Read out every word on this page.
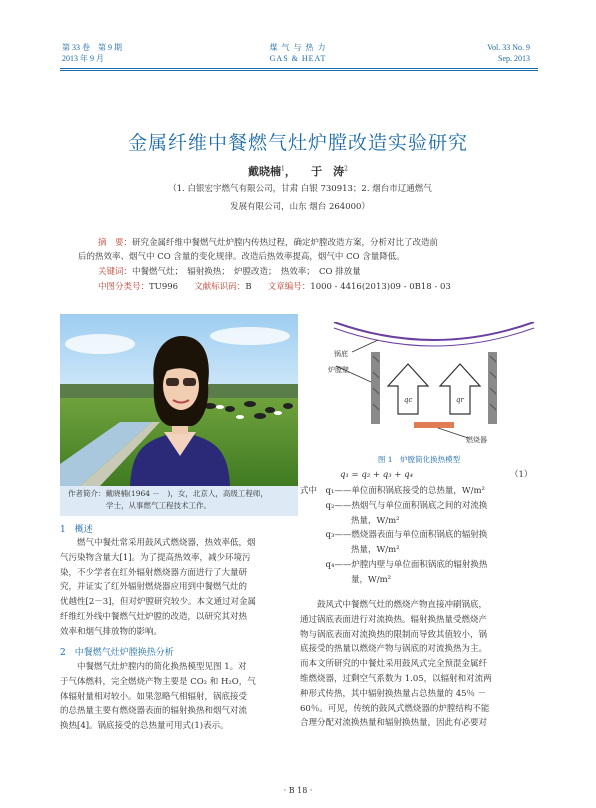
第 33 卷　第 9 期
2013 年 9 月
煤 气 与 热 力
GAS & HEAT
Vol. 33 No. 9
Sep. 2013
金属纤维中餐燃气灶炉膛改造实验研究
戴晓楠$^1$，    于　涛$^2$
（1. 白银宏宇燃气有限公司，甘肃 白银 730913；2. 烟台市辽通燃气
发展有限公司，山东 烟台 264000）
摘　要：研究金属纤维中餐燃气灶炉膛内传热过程，确定炉膛改造方案，分析对比了改造前
后的热效率、烟气中 CO 含量的变化规律。改造后热效率提高，烟气中 CO 含量降低。
关键词：中餐燃气灶；　辐射换热；　炉膛改造；　热效率；　CO 排放量
中图分类号：TU996 文献标识码：B 文章编号：1000 - 4416(2013)09 - 0B18 - 03
作者简介：戴晓楠(1964 －　)，女，北京人，高级工程师，
学士，从事燃气工程技术工作。
1　概述
燃气中餐灶常采用鼓风式燃烧器，热效率低，烟
气污染物含量大[1]。为了提高热效率，减少环境污
染，不少学者在红外辐射燃烧器方面进行了大量研
究，并证实了红外辐射燃烧器应用到中餐燃气灶的
优越性[2－3]，但对炉膛研究较少。本文通过对金属
纤维红外线中餐燃气灶炉膛的改造，以研究其对热
效率和烟气排放物的影响。
2　中餐燃气灶炉膛换热分析
中餐燃气灶炉膛内的简化换热模型见图 1。对
于气体燃料，完全燃烧产物主要是 CO₂ 和 H₂O，气
体辐射量相对较小。如果忽略气相辐射，锅底接受
的总热量主要有燃烧器表面的辐射换热和烟气对流
换热[4]。锅底接受的总热量可用式(1)表示。
qc	qr
锅底
炉膛壁
燃烧器
图 1　炉膛简化换热模型
q₁ = q₂ + q₃ + q₄	（1）
式中　q₁——单位面积锅底接受的总热量，W/m²
　　　q₂——热烟气与单位面积锅底之间的对流换
　　　　　　热量，W/m²
　　　q₃——燃烧器表面与单位面积锅底的辐射换
　　　　　　热量，W/m²
　　　q₄——炉膛内壁与单位面积锅底的辐射换热
　　　　　　量，W/m²
鼓风式中餐燃气灶的燃烧产物直接冲刷锅底，
通过锅底表面进行对流换热。辐射换热量受燃烧产
物与锅底表面对流换热的限制而导致其值较小，锅
底接受的热量以燃烧产物与锅底的对流换热为主。
而本文所研究的中餐灶采用鼓风式完全预混金属纤
维燃烧器，过剩空气系数为 1.05，以辐射和对流两
种形式传热，其中辐射换热量占总热量的 45％ －
60％。可见，传统的鼓风式燃烧器的炉膛结构不能
合理分配对流换热量和辐射换热量，因此有必要对
· B 18 ·
